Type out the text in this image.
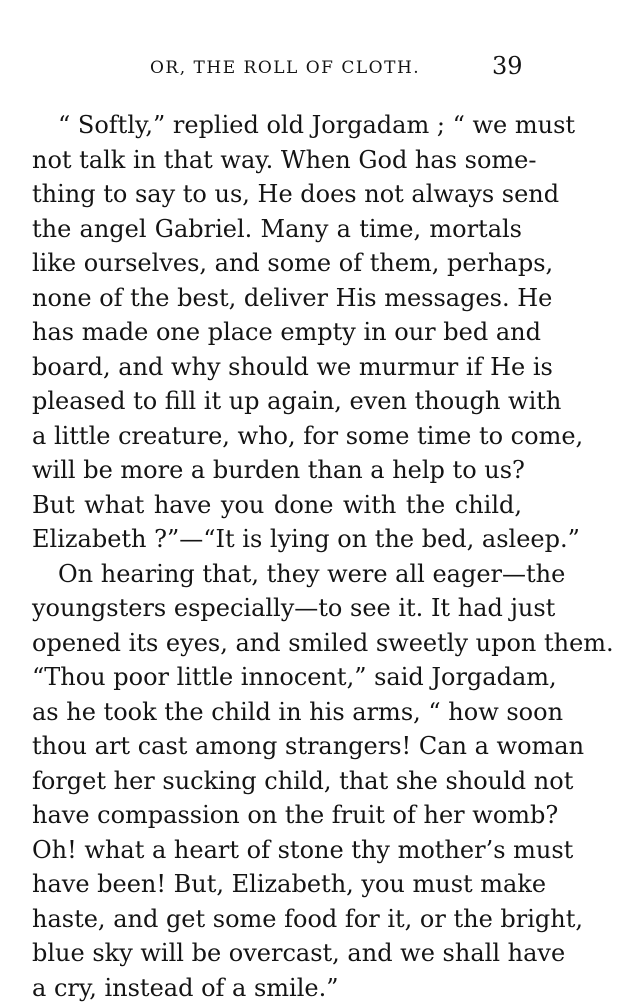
OR, THE ROLL OF CLOTH.	39
“ Softly,” replied old Jorgadam ; “ we must
not talk in that way. When God has some-
thing to say to us, He does not always send
the angel Gabriel. Many a time, mortals
like ourselves, and some of them, perhaps,
none of the best, deliver His messages. He
has made one place empty in our bed and
board, and why should we murmur if He is
pleased to fill it up again, even though with
a little creature, who, for some time to come,
will be more a burden than a help to us?
But what have you done with the child,
Elizabeth ?”—“It is lying on the bed, asleep.”
On hearing that, they were all eager—the
youngsters especially—to see it. It had just
opened its eyes, and smiled sweetly upon them.
“Thou poor little innocent,” said Jorgadam,
as he took the child in his arms, “ how soon
thou art cast among strangers! Can a woman
forget her sucking child, that she should not
have compassion on the fruit of her womb?
Oh! what a heart of stone thy mother’s must
have been! But, Elizabeth, you must make
haste, and get some food for it, or the bright,
blue sky will be overcast, and we shall have
a cry, instead of a smile.”
